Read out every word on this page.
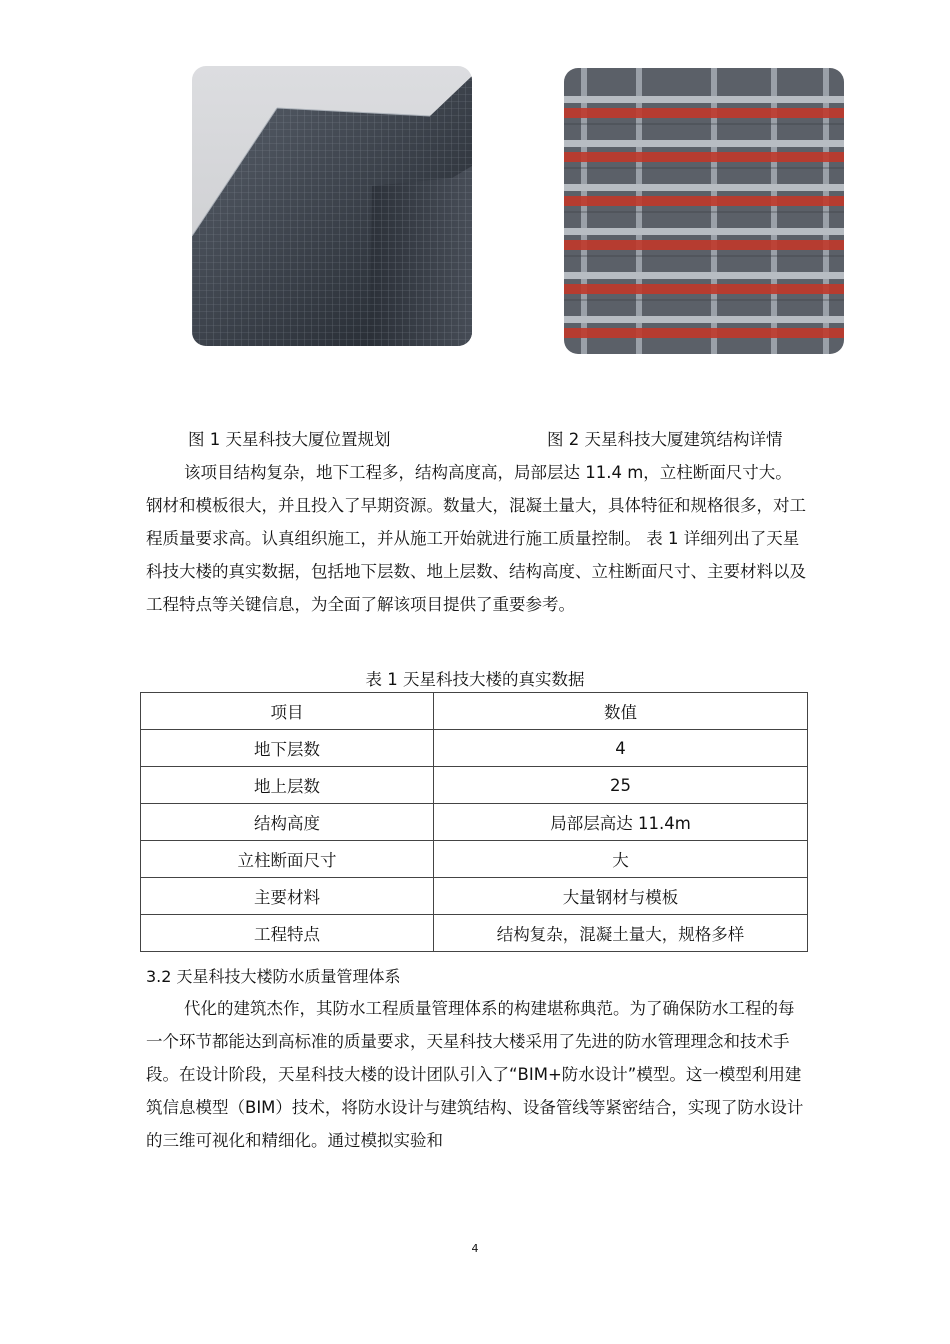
图 1 天星科技大厦位置规划	图 2 天星科技大厦建筑结构详情

该项目结构复杂，地下工程多，结构高度高，局部层达 11.4 m，立柱断面尺寸大。钢材和模板很大，并且投入了早期资源。数量大，混凝土量大，具体特征和规格很多，对工程质量要求高。认真组织施工，并从施工开始就进行施工质量控制。 表 1 详细列出了天星科技大楼的真实数据，包括地下层数、地上层数、结构高度、立柱断面尺寸、主要材料以及工程特点等关键信息，为全面了解该项目提供了重要参考。

表 1 天星科技大楼的真实数据
项目	数值
地下层数	4
地上层数	25
结构高度	局部层高达 11.4m
立柱断面尺寸	大
主要材料	大量钢材与模板
工程特点	结构复杂，混凝土量大，规格多样
3.2 天星科技大楼防水质量管理体系

代化的建筑杰作，其防水工程质量管理体系的构建堪称典范。为了确保防水工程的每一个环节都能达到高标准的质量要求，天星科技大楼采用了先进的防水管理理念和技术手段。在设计阶段，天星科技大楼的设计团队引入了“BIM+防水设计”模型。这一模型利用建筑信息模型（BIM）技术，将防水设计与建筑结构、设备管线等紧密结合，实现了防水设计的三维可视化和精细化。通过模拟实验和

4
